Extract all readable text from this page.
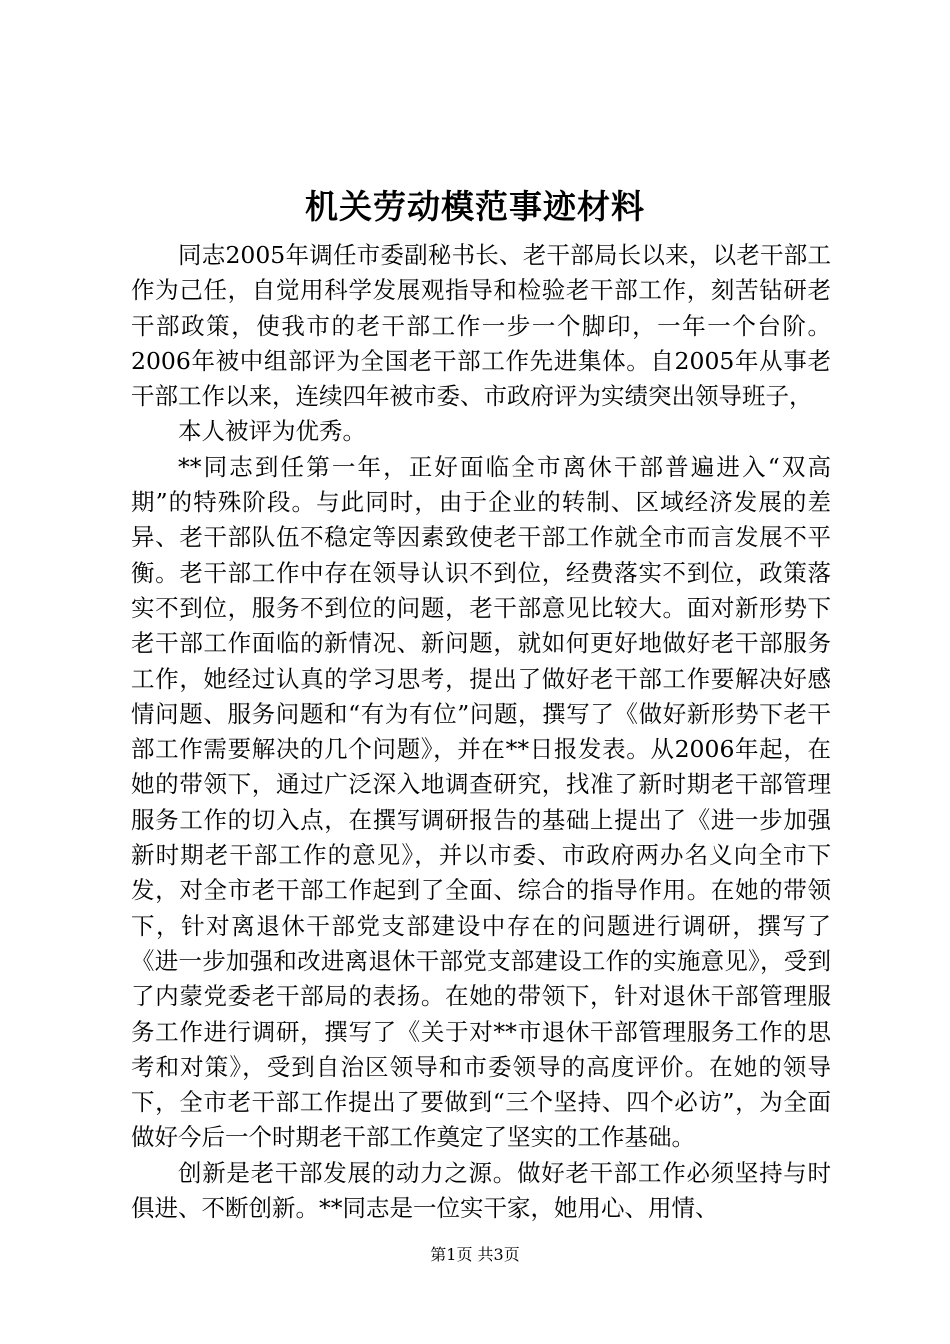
机关劳动模范事迹材料

同志2005年调任市委副秘书长、老干部局长以来，以老干部工作为己任，自觉用科学发展观指导和检验老干部工作，刻苦钻研老干部政策，使我市的老干部工作一步一个脚印，一年一个台阶。2006年被中组部评为全国老干部工作先进集体。自2005年从事老干部工作以来，连续四年被市委、市政府评为实绩突出领导班子，

本人被评为优秀。

**同志到任第一年，正好面临全市离休干部普遍进入“双高期”的特殊阶段。与此同时，由于企业的转制、区域经济发展的差异、老干部队伍不稳定等因素致使老干部工作就全市而言发展不平衡。老干部工作中存在领导认识不到位，经费落实不到位，政策落实不到位，服务不到位的问题，老干部意见比较大。面对新形势下老干部工作面临的新情况、新问题，就如何更好地做好老干部服务工作，她经过认真的学习思考，提出了做好老干部工作要解决好感情问题、服务问题和“有为有位”问题，撰写了《做好新形势下老干部工作需要解决的几个问题》，并在**日报发表。从2006年起，在她的带领下，通过广泛深入地调查研究，找准了新时期老干部管理服务工作的切入点，在撰写调研报告的基础上提出了《进一步加强新时期老干部工作的意见》，并以市委、市政府两办名义向全市下发，对全市老干部工作起到了全面、综合的指导作用。在她的带领下，针对离退休干部党支部建设中存在的问题进行调研，撰写了《进一步加强和改进离退休干部党支部建设工作的实施意见》，受到了内蒙党委老干部局的表扬。在她的带领下，针对退休干部管理服务工作进行调研，撰写了《关于对**市退休干部管理服务工作的思考和对策》，受到自治区领导和市委领导的高度评价。在她的领导下，全市老干部工作提出了要做到“三个坚持、四个必访”，为全面做好今后一个时期老干部工作奠定了坚实的工作基础。

创新是老干部发展的动力之源。做好老干部工作必须坚持与时俱进、不断创新。**同志是一位实干家，她用心、用情、

第1页 共3页
